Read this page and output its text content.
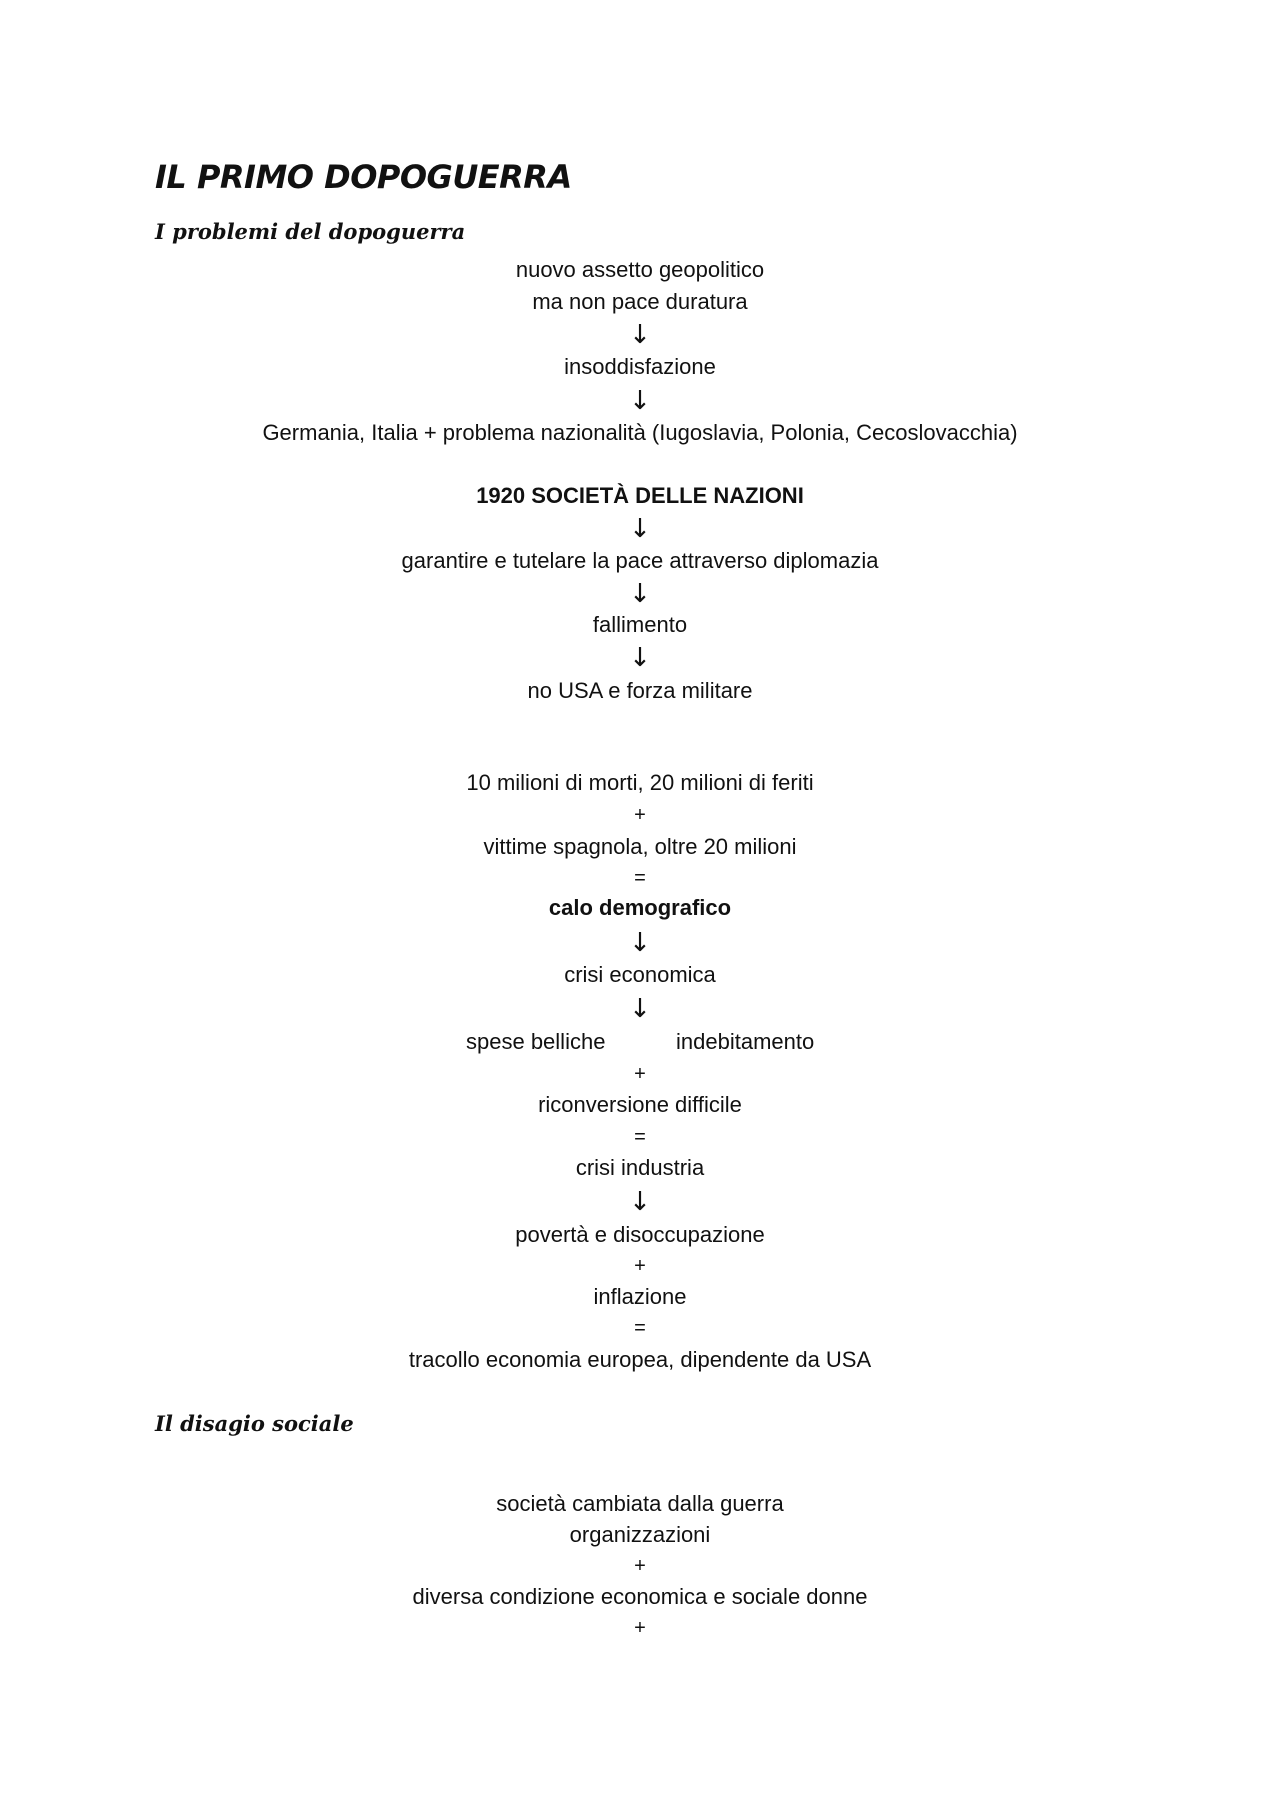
IL PRIMO DOPOGUERRA
I problemi del dopoguerra
nuovo assetto geopolitico
ma non pace duratura
↓
insoddisfazione
↓
Germania, Italia + problema nazionalità (Iugoslavia, Polonia, Cecoslovacchia)
1920 SOCIETÀ DELLE NAZIONI
↓
garantire e tutelare la pace attraverso diplomazia
↓
fallimento
↓
no USA e forza militare
10 milioni di morti, 20 milioni di feriti
+
vittime spagnola, oltre 20 milioni
=
calo demografico
↓
crisi economica
↓
spese belliche	indebitamento
+
riconversione difficile
=
crisi industria
↓
povertà e disoccupazione
+
inflazione
=
tracollo economia europea, dipendente da USA
Il disagio sociale
società cambiata dalla guerra
organizzazioni
+
diversa condizione economica e sociale donne
+
